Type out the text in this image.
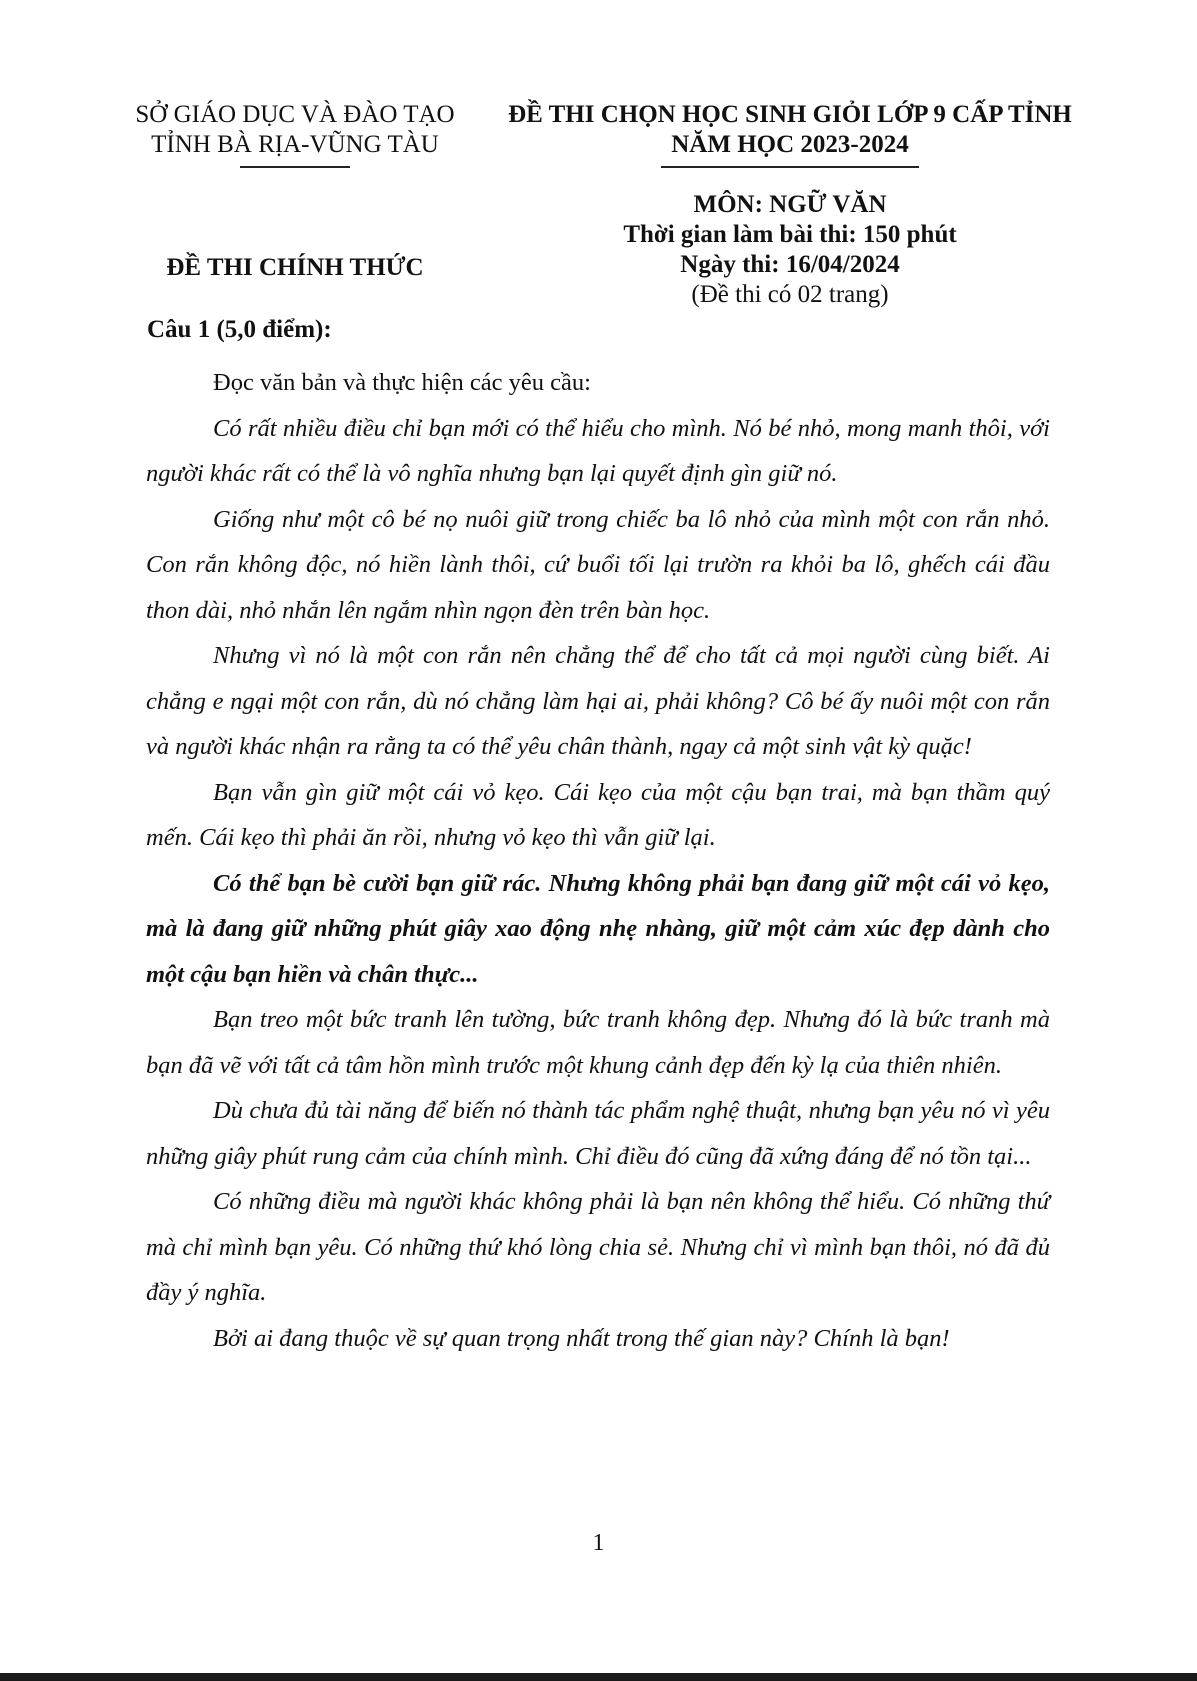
SỞ GIÁO DỤC VÀ ĐÀO TẠO
TỈNH BÀ RỊA-VŨNG TÀU
ĐỀ THI CHỌN HỌC SINH GIỎI LỚP 9 CẤP TỈNH
NĂM HỌC 2023-2024
MÔN: NGỮ VĂN
Thời gian làm bài thi: 150 phút
Ngày thi: 16/04/2024
(Đề thi có 02 trang)
ĐỀ THI CHÍNH THỨC
Câu 1 (5,0 điểm):

Đọc văn bản và thực hiện các yêu cầu:

Có rất nhiều điều chỉ bạn mới có thể hiểu cho mình. Nó bé nhỏ, mong manh thôi, với người khác rất có thể là vô nghĩa nhưng bạn lại quyết định gìn giữ nó.

Giống như một cô bé nọ nuôi giữ trong chiếc ba lô nhỏ của mình một con rắn nhỏ. Con rắn không độc, nó hiền lành thôi, cứ buổi tối lại trườn ra khỏi ba lô, ghếch cái đầu thon dài, nhỏ nhắn lên ngắm nhìn ngọn đèn trên bàn học.

Nhưng vì nó là một con rắn nên chẳng thể để cho tất cả mọi người cùng biết. Ai chẳng e ngại một con rắn, dù nó chẳng làm hại ai, phải không? Cô bé ấy nuôi một con rắn và người khác nhận ra rằng ta có thể yêu chân thành, ngay cả một sinh vật kỳ quặc!

Bạn vẫn gìn giữ một cái vỏ kẹo. Cái kẹo của một cậu bạn trai, mà bạn thầm quý mến. Cái kẹo thì phải ăn rồi, nhưng vỏ kẹo thì vẫn giữ lại.

Có thể bạn bè cười bạn giữ rác. Nhưng không phải bạn đang giữ một cái vỏ kẹo, mà là đang giữ những phút giây xao động nhẹ nhàng, giữ một cảm xúc đẹp dành cho một cậu bạn hiền và chân thực...

Bạn treo một bức tranh lên tường, bức tranh không đẹp. Nhưng đó là bức tranh mà bạn đã vẽ với tất cả tâm hồn mình trước một khung cảnh đẹp đến kỳ lạ của thiên nhiên.

Dù chưa đủ tài năng để biến nó thành tác phẩm nghệ thuật, nhưng bạn yêu nó vì yêu những giây phút rung cảm của chính mình. Chỉ điều đó cũng đã xứng đáng để nó tồn tại...

Có những điều mà người khác không phải là bạn nên không thể hiểu. Có những thứ mà chỉ mình bạn yêu. Có những thứ khó lòng chia sẻ. Nhưng chỉ vì mình bạn thôi, nó đã đủ đầy ý nghĩa.

Bởi ai đang thuộc về sự quan trọng nhất trong thế gian này? Chính là bạn!

1
